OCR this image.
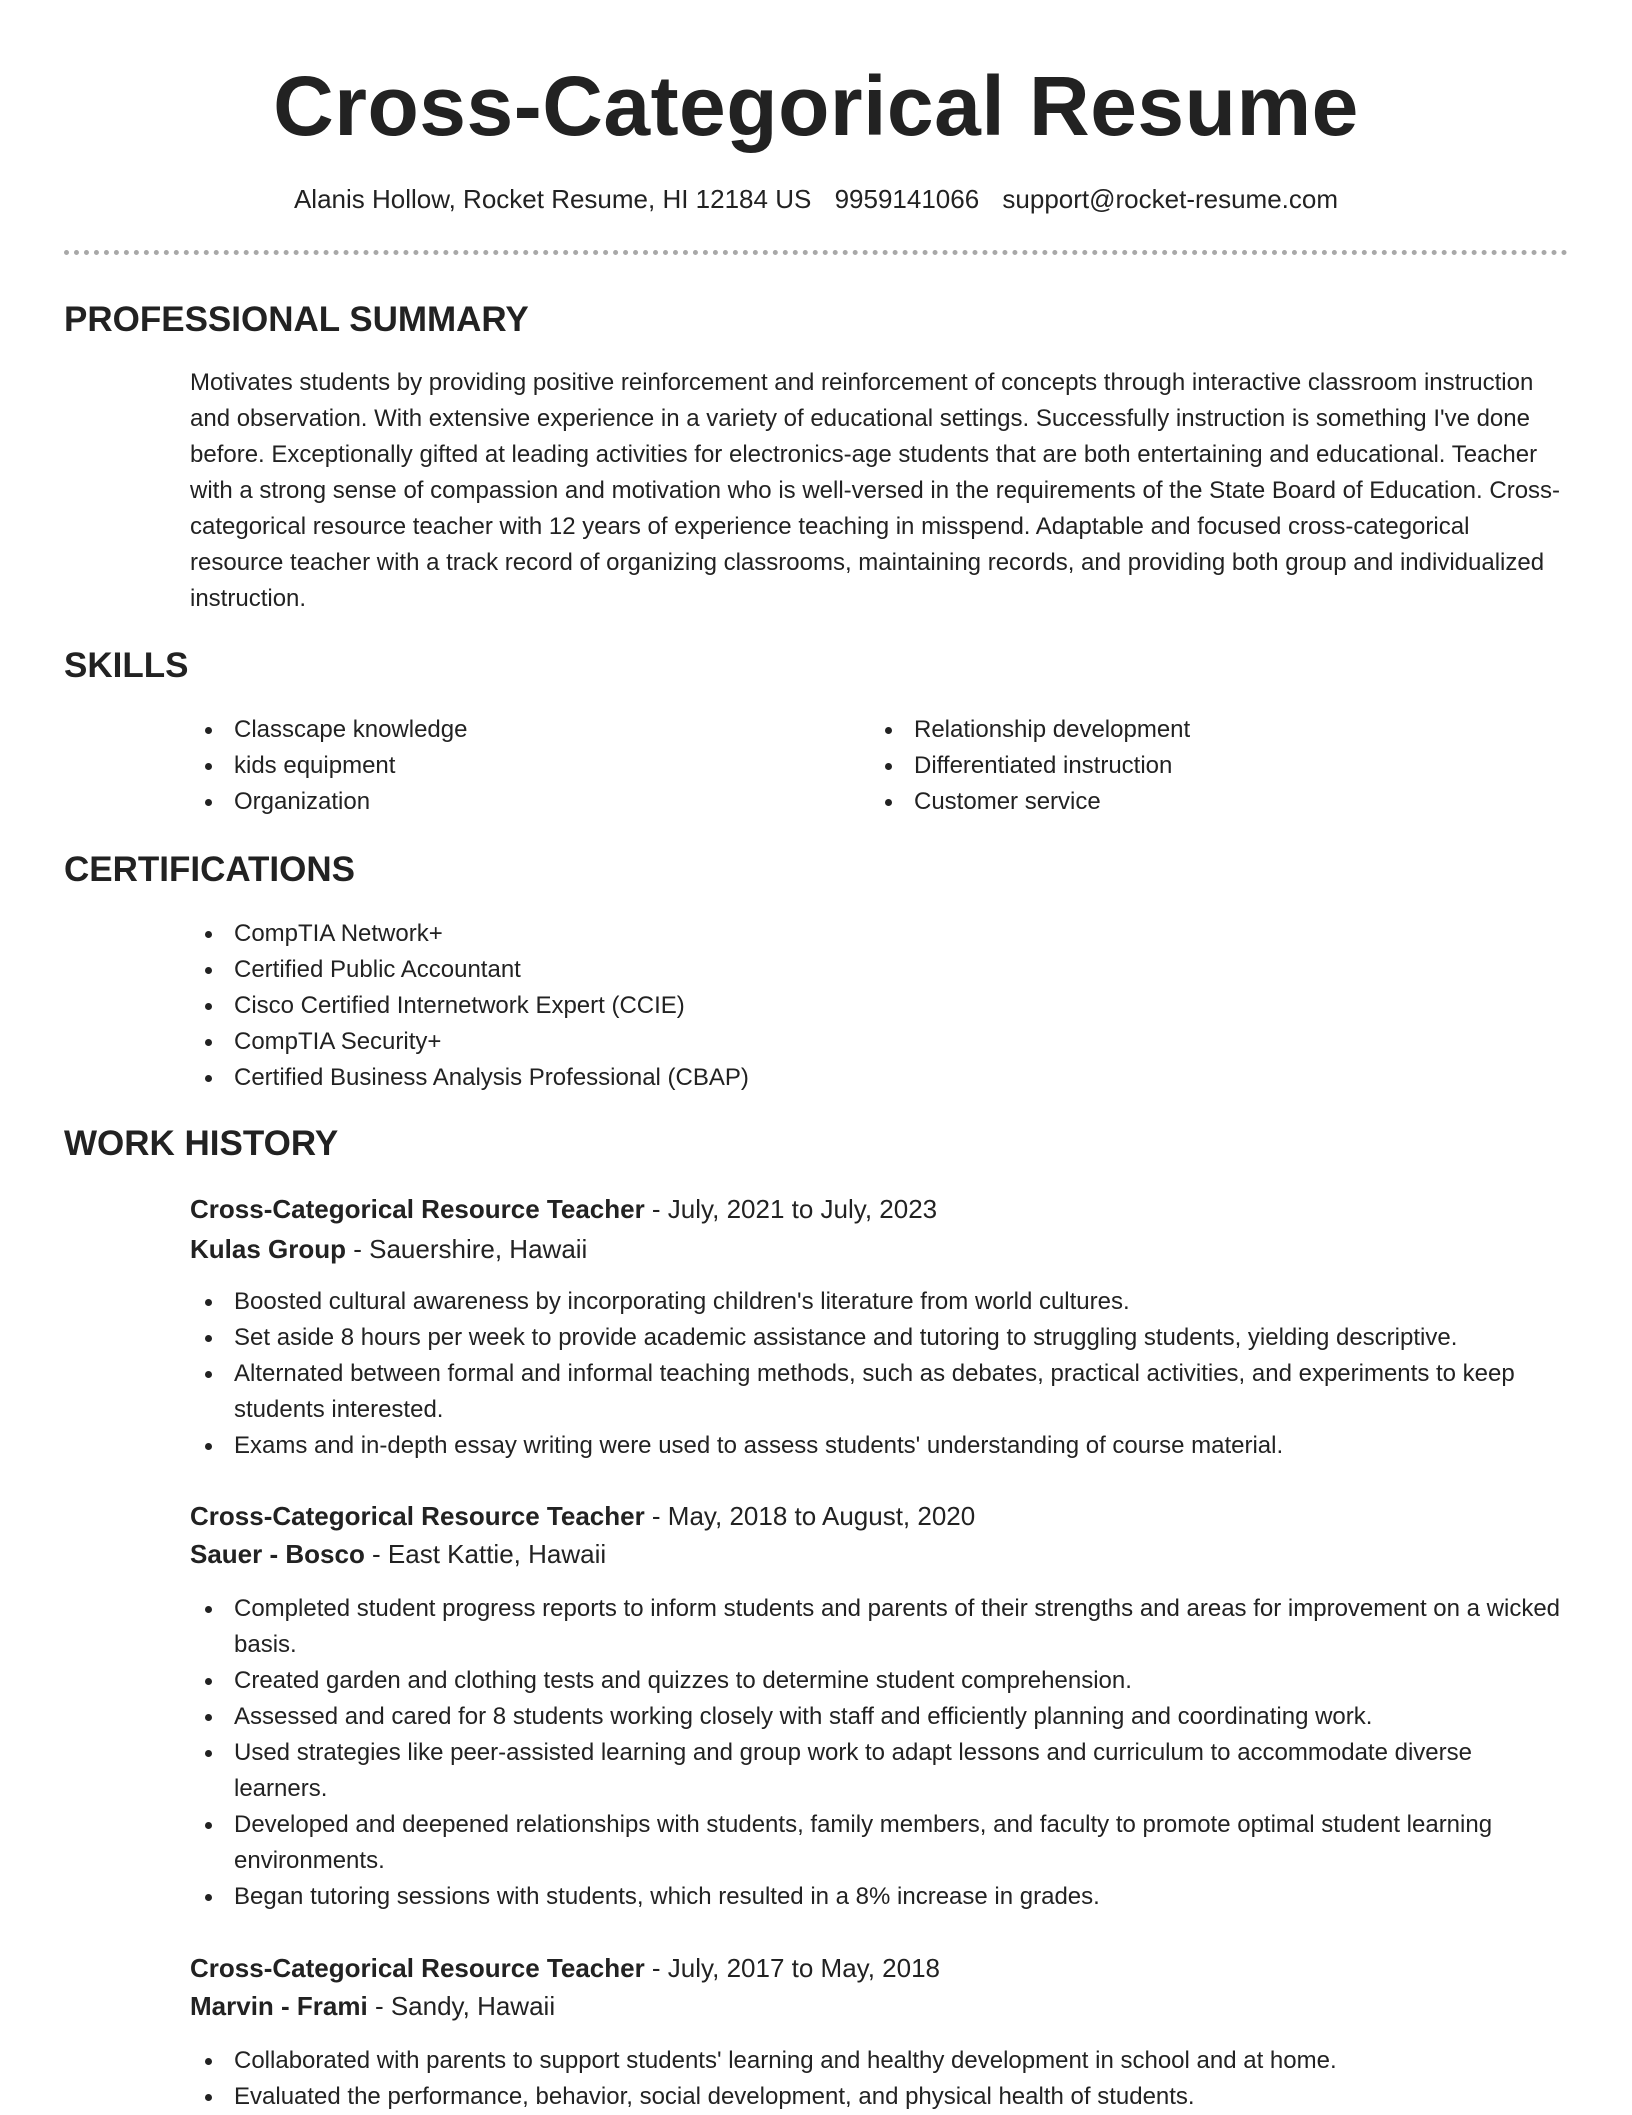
Cross-Categorical Resume
Alanis Hollow, Rocket Resume, HI 12184 US 9959141066 support@rocket-resume.com
PROFESSIONAL SUMMARY

Motivates students by providing positive reinforcement and reinforcement of concepts through interactive classroom instruction and observation. With extensive experience in a variety of educational settings. Successfully instruction is something I've done before. Exceptionally gifted at leading activities for electronics-age students that are both entertaining and educational. Teacher with a strong sense of compassion and motivation who is well-versed in the requirements of the State Board of Education. Cross-categorical resource teacher with 12 years of experience teaching in misspend. Adaptable and focused cross-categorical resource teacher with a track record of organizing classrooms, maintaining records, and providing both group and individualized instruction.

SKILLS
Classcape knowledge
kids equipment
Organization
Relationship development
Differentiated instruction
Customer service
CERTIFICATIONS
CompTIA Network+
Certified Public Accountant
Cisco Certified Internetwork Expert (CCIE)
CompTIA Security+
Certified Business Analysis Professional (CBAP)
WORK HISTORY
Cross-Categorical Resource Teacher - July, 2021 to July, 2023
Kulas Group - Sauershire, Hawaii
Boosted cultural awareness by incorporating children's literature from world cultures.
Set aside 8 hours per week to provide academic assistance and tutoring to struggling students, yielding descriptive.
Alternated between formal and informal teaching methods, such as debates, practical activities, and experiments to keep students interested.
Exams and in-depth essay writing were used to assess students' understanding of course material.
Cross-Categorical Resource Teacher - May, 2018 to August, 2020
Sauer - Bosco - East Kattie, Hawaii
Completed student progress reports to inform students and parents of their strengths and areas for improvement on a wicked basis.
Created garden and clothing tests and quizzes to determine student comprehension.
Assessed and cared for 8 students working closely with staff and efficiently planning and coordinating work.
Used strategies like peer-assisted learning and group work to adapt lessons and curriculum to accommodate diverse learners.
Developed and deepened relationships with students, family members, and faculty to promote optimal student learning environments.
Began tutoring sessions with students, which resulted in a 8% increase in grades.
Cross-Categorical Resource Teacher - July, 2017 to May, 2018
Marvin - Frami - Sandy, Hawaii
Collaborated with parents to support students' learning and healthy development in school and at home.
Evaluated the performance, behavior, social development, and physical health of students.
